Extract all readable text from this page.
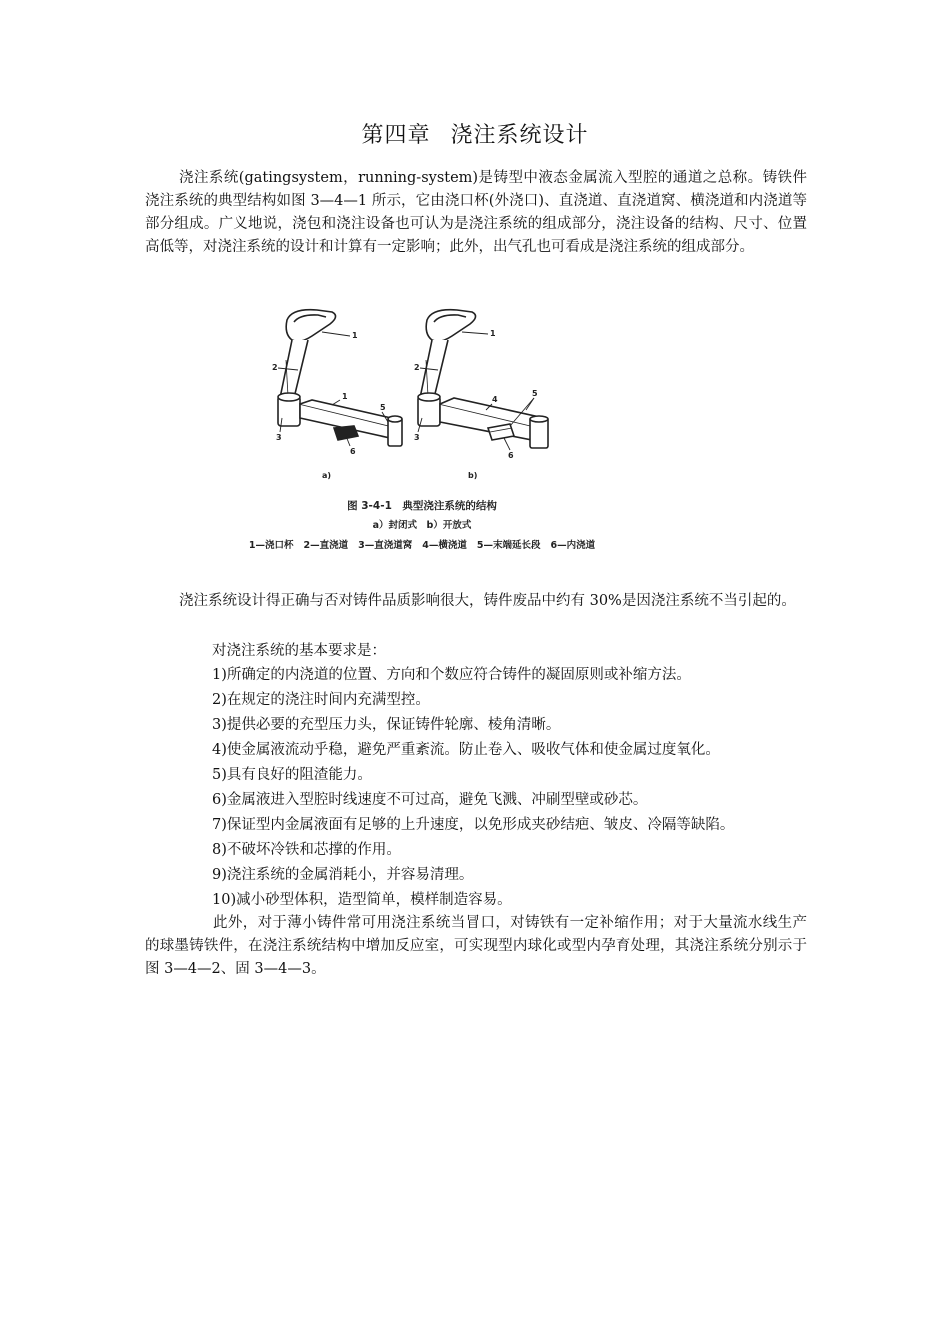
第四章 浇注系统设计

浇注系统(gatingsystem，running-system)是铸型中液态金属流入型腔的通道之总称。铸铁件浇注系统的典型结构如图 3—4—1 所示，它由浇口杯(外浇口)、直浇道、直浇道窝、横浇道和内浇道等部分组成。广义地说，浇包和浇注设备也可认为是浇注系统的组成部分，浇注设备的结构、尺寸、位置高低等，对浇注系统的设计和计算有一定影响；此外，出气孔也可看成是浇注系统的组成部分。

1
2
1
5
3
6
a)
1
2
4
5
3
6
b)
图 3-4-1　典型浇注系统的结构
a）封闭式　b）开放式
1—浇口杯 2—直浇道 3—直浇道窝 4—横浇道 5—末端延长段 6—内浇道

浇注系统设计得正确与否对铸件品质影响很大，铸件废品中约有 30%是因浇注系统不当引起的。

对浇注系统的基本要求是：
1)所确定的内浇道的位置、方向和个数应符合铸件的凝固原则或补缩方法。
2)在规定的浇注时间内充满型控。
3)提供必要的充型压力头，保证铸件轮廓、棱角清晰。
4)使金属液流动乎稳，避免严重紊流。防止卷入、吸收气体和使金属过度氧化。
5)具有良好的阻渣能力。
6)金属液进入型腔时线速度不可过高，避免飞溅、冲刷型壁或砂芯。
7)保证型内金属液面有足够的上升速度，以免形成夹砂结疤、皱皮、冷隔等缺陷。
8)不破坏冷铁和芯撑的作用。
9)浇注系统的金属消耗小，并容易清理。
10)减小砂型体积，造型简单，模样制造容易。

此外，对于薄小铸件常可用浇注系统当冒口，对铸铁有一定补缩作用；对于大量流水线生产的球墨铸铁件，在浇注系统结构中增加反应室，可实现型内球化或型内孕育处理，其浇注系统分别示于图 3—4—2、固 3—4—3。
